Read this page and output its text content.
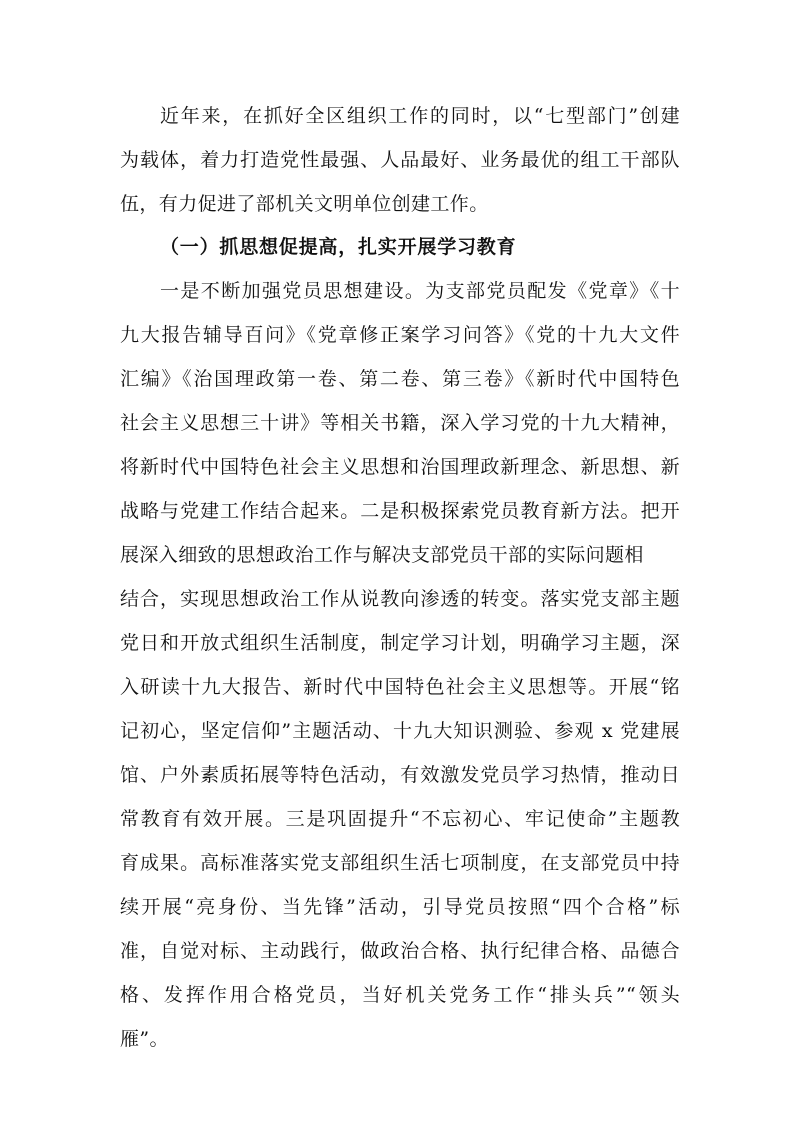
近年来，在抓好全区组织工作的同时，以“七型部门”创建
为载体，着力打造党性最强、人品最好、业务最优的组工干部队
伍，有力促进了部机关文明单位创建工作。
（一）抓思想促提高，扎实开展学习教育
一是不断加强党员思想建设。为支部党员配发《党章》《十
九大报告辅导百问》《党章修正案学习问答》《党的十九大文件
汇编》《治国理政第一卷、第二卷、第三卷》《新时代中国特色
社会主义思想三十讲》等相关书籍，深入学习党的十九大精神，
将新时代中国特色社会主义思想和治国理政新理念、新思想、新
战略与党建工作结合起来。二是积极探索党员教育新方法。把开
展深入细致的思想政治工作与解决支部党员干部的实际问题相
结合，实现思想政治工作从说教向渗透的转变。落实党支部主题
党日和开放式组织生活制度，制定学习计划，明确学习主题，深
入研读十九大报告、新时代中国特色社会主义思想等。开展“铭
记初心，坚定信仰”主题活动、十九大知识测验、参观 x 党建展
馆、户外素质拓展等特色活动，有效激发党员学习热情，推动日
常教育有效开展。三是巩固提升“不忘初心、牢记使命”主题教
育成果。高标准落实党支部组织生活七项制度，在支部党员中持
续开展“亮身份、当先锋”活动，引导党员按照“四个合格”标
准，自觉对标、主动践行，做政治合格、执行纪律合格、品德合
格、发挥作用合格党员，当好机关党务工作“排头兵”“领头
雁”。
